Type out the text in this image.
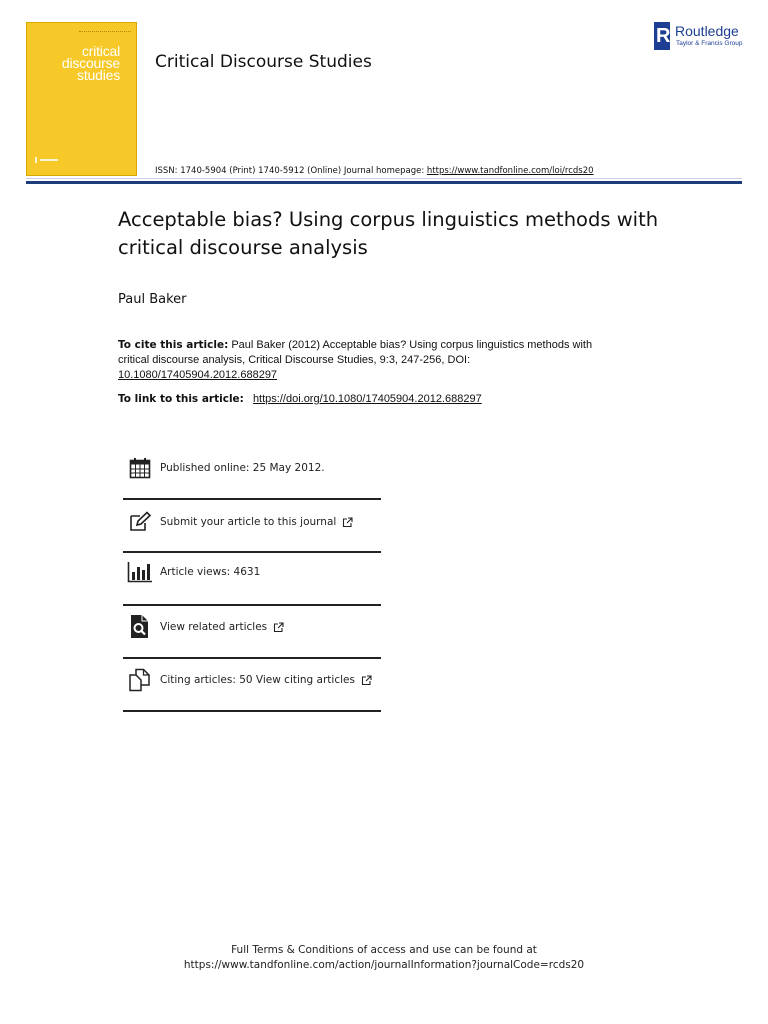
critical
discourse
studies
Critical Discourse Studies
R
Routledge
Taylor & Francis Group
ISSN: 1740-5904 (Print) 1740-5912 (Online) Journal homepage: https://www.tandfonline.com/loi/rcds20
Acceptable bias? Using corpus linguistics methods with critical discourse analysis
Paul Baker
To cite this article: Paul Baker (2012) Acceptable bias? Using corpus linguistics methods with critical discourse analysis, Critical Discourse Studies, 9:3, 247-256, DOI: 10.1080/17405904.2012.688297
To link to this article: https://doi.org/10.1080/17405904.2012.688297
Published online: 25 May 2012.
Submit your article to this journal
Article views: 4631
View related articles
Citing articles: 50 View citing articles
Full Terms & Conditions of access and use can be found at
https://www.tandfonline.com/action/journalInformation?journalCode=rcds20
